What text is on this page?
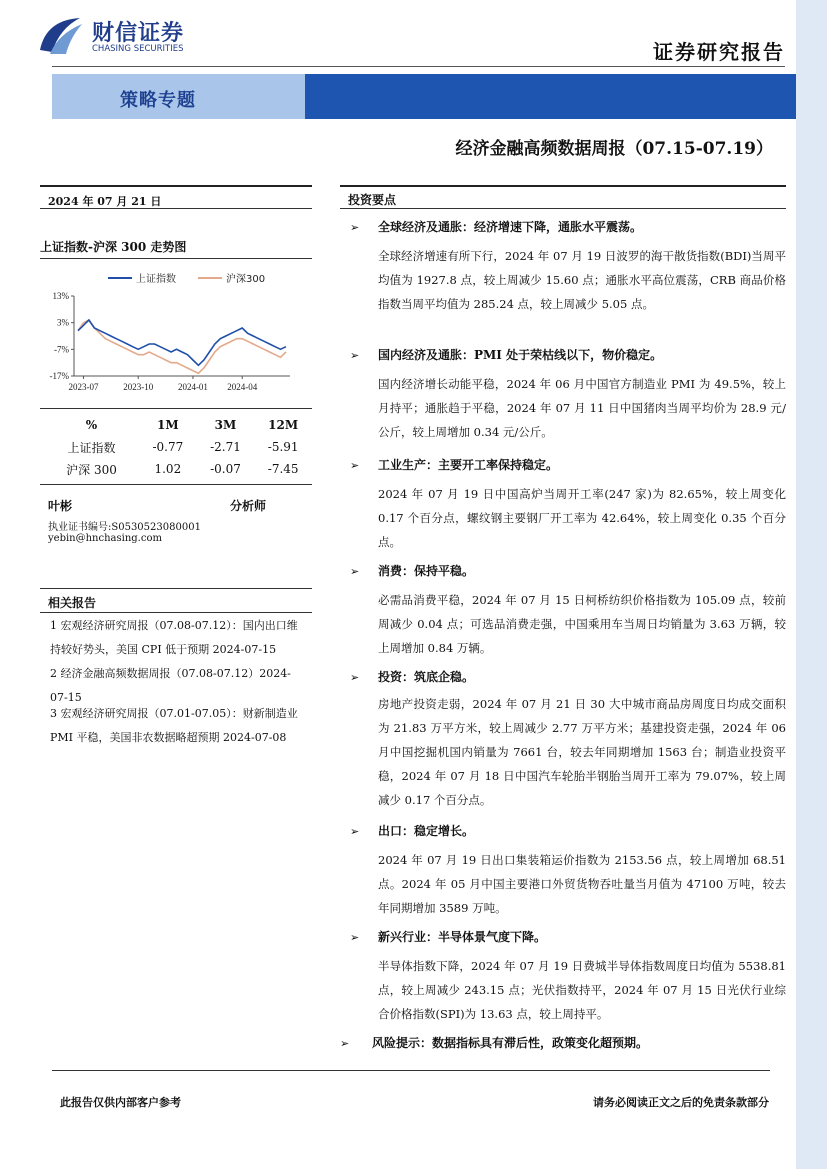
财信证券
CHASING SECURITIES	证券研究报告
策略专题
经济金融高频数据周报（07.15-07.19）
2024 年 07 月 21 日
上证指数-沪深 300 走势图
13%
3%
-7%
-17%
2023-07	2023-10	2024-01 2024-04
上证指数	沪深300
%	1M	3M	12M
上证指数	-0.77	-2.71	-5.91
沪深 300	1.02	-0.07	-7.45
叶彬	分析师
执业证书编号:S0530523080001
yebin@hnchasing.com
相关报告
1 宏观经济研究周报（07.08-07.12）：国内出口维持较好势头，美国 CPI 低于预期 2024-07-15
2 经济金融高频数据周报（07.08-07.12）2024-07-15
3 宏观经济研究周报（07.01-07.05）：财新制造业 PMI 平稳，美国非农数据略超预期 2024-07-08
投资要点
➢ 全球经济及通胀：经济增速下降，通胀水平震荡。
全球经济增速有所下行，2024 年 07 月 19 日波罗的海干散货指数(BDI)当周平均值为 1927.8 点，较上周减少 15.60 点；通胀水平高位震荡，CRB 商品价格指数当周平均值为 285.24 点，较上周减少 5.05 点。
➢ 国内经济及通胀：PMI 处于荣枯线以下，物价稳定。
国内经济增长动能平稳，2024 年 06 月中国官方制造业 PMI 为 49.5%，较上月持平；通胀趋于平稳，2024 年 07 月 11 日中国猪肉当周平均价为 28.9 元/公斤，较上周增加 0.34 元/公斤。
➢ 工业生产：主要开工率保持稳定。
2024 年 07 月 19 日中国高炉当周开工率(247 家)为 82.65%，较上周变化 0.17 个百分点，螺纹钢主要钢厂开工率为 42.64%，较上周变化 0.35 个百分点。
➢ 消费：保持平稳。
必需品消费平稳，2024 年 07 月 15 日柯桥纺织价格指数为 105.09 点，较前周减少 0.04 点；可选品消费走强，中国乘用车当周日均销量为 3.63 万辆，较上周增加 0.84 万辆。
➢ 投资：筑底企稳。
房地产投资走弱，2024 年 07 月 21 日 30 大中城市商品房周度日均成交面积为 21.83 万平方米，较上周减少 2.77 万平方米；基建投资走强，2024 年 06 月中国挖掘机国内销量为 7661 台，较去年同期增加 1563 台；制造业投资平稳，2024 年 07 月 18 日中国汽车轮胎半钢胎当周开工率为 79.07%，较上周减少 0.17 个百分点。
➢ 出口：稳定增长。
2024 年 07 月 19 日出口集装箱运价指数为 2153.56 点，较上周增加 68.51 点。2024 年 05 月中国主要港口外贸货物吞吐量当月值为 47100 万吨，较去年同期增加 3589 万吨。
➢ 新兴行业：半导体景气度下降。
半导体指数下降，2024 年 07 月 19 日费城半导体指数周度日均值为 5538.81 点，较上周减少 243.15 点；光伏指数持平，2024 年 07 月 15 日光伏行业综合价格指数(SPI)为 13.63 点，较上周持平。
➢ 风险提示：数据指标具有滞后性，政策变化超预期。
此报告仅供内部客户参考	请务必阅读正文之后的免责条款部分
